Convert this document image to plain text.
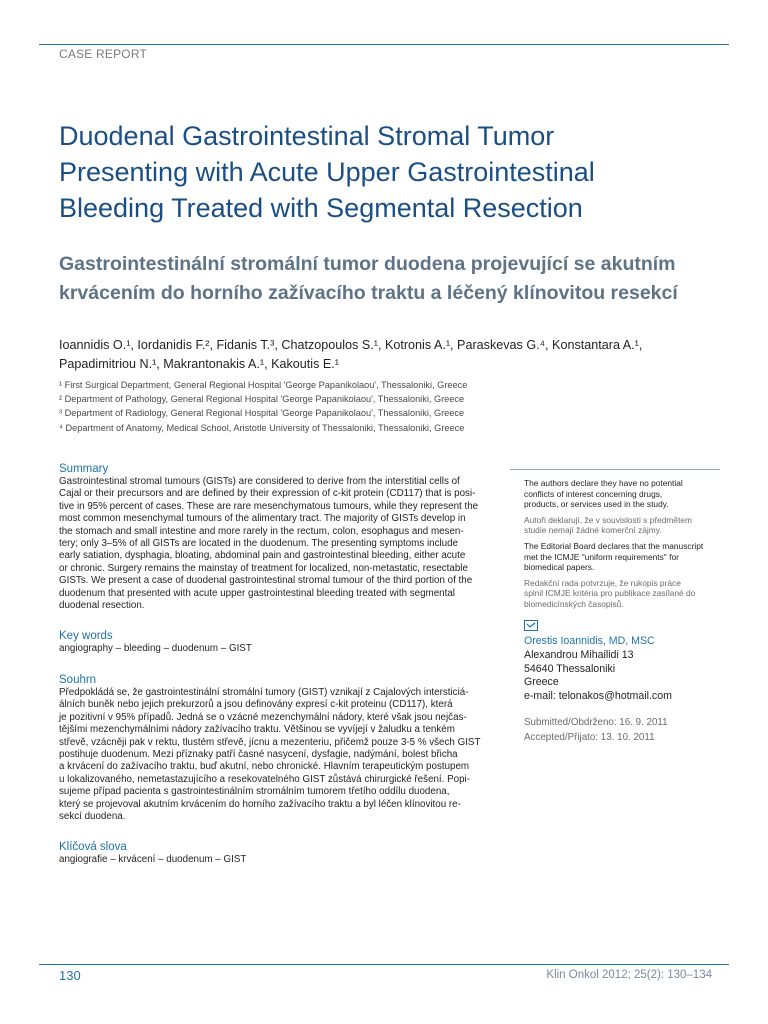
CASE REPORT
Duodenal Gastrointestinal Stromal Tumor
Presenting with Acute Upper Gastrointestinal
Bleeding Treated with Segmental Resection
Gastrointestinální stromální tumor duodena projevující se akutním
krvácením do horního zažívacího traktu a léčený klínovitou resekcí
Ioannidis O.¹, Iordanidis F.², Fidanis T.³, Chatzopoulos S.¹, Kotronis A.¹, Paraskevas G.⁴, Konstantara A.¹,
Papadimitriou N.¹, Makrantonakis A.¹, Kakoutis E.¹
¹ First Surgical Department, General Regional Hospital 'George Papanikolaou', Thessaloniki, Greece
² Department of Pathology, General Regional Hospital 'George Papanikolaou', Thessaloniki, Greece
³ Department of Radiology, General Regional Hospital 'George Papanikolaou', Thessaloniki, Greece
⁴ Department of Anatomy, Medical School, Aristotle University of Thessaloniki, Thessaloniki, Greece
Summary
Gastrointestinal stromal tumours (GISTs) are considered to derive from the interstitial cells of
Cajal or their precursors and are defined by their expression of c-kit protein (CD117) that is posi-
tive in 95% percent of cases. These are rare mesenchymatous tumours, while they represent the
most common mesenchymal tumours of the alimentary tract. The majority of GISTs develop in
the stomach and small intestine and more rarely in the rectum, colon, esophagus and mesen-
tery; only 3–5% of all GISTs are located in the duodenum. The presenting symptoms include
early satiation, dysphagia, bloating, abdominal pain and gastrointestinal bleeding, either acute
or chronic. Surgery remains the mainstay of treatment for localized, non-metastatic, resectable
GISTs. We present a case of duodenal gastrointestinal stromal tumour of the third portion of the
duodenum that presented with acute upper gastrointestinal bleeding treated with segmental
duodenal resection.
Key words
angiography – bleeding – duodenum – GIST
Souhrn
Předpokládá se, že gastrointestinální stromální tumory (GIST) vznikají z Cajalových intersticiá-
álních buněk nebo jejich prekurzorů a jsou definovány expresí c-kit proteinu (CD117), která
je pozitivní v 95% případů. Jedná se o vzácné mezenchymální nádory, které však jsou nejčas-
tějšími mezenchymálními nádory zažívacího traktu. Většinou se vyvíjejí v žaludku a tenkém
střevě, vzácněji pak v rektu, tlustém střevě, jícnu a mezenteriu, přičemž pouze 3-5 % všech GIST
postihuje duodenum. Mezi příznaky patří časné nasycení, dysfagie, nadýmání, bolest břicha
a krvácení do zažívacího traktu, buď akutní, nebo chronické. Hlavním terapeutickým postupem
u lokalizovaného, nemetastazujícího a resekovatelného GIST zůstává chirurgické řešení. Popi-
sujeme případ pacienta s gastrointestinálním stromálním tumorem třetího oddílu duodena,
který se projevoval akutním krvácením do horního zažívacího traktu a byl léčen klínovitou re-
sekcí duodena.
Klíčová slova
angiografie – krvácení – duodenum – GIST
The authors declare they have no potential
conflicts of interest concerning drugs,
products, or services used in the study.
Autoři deklarují, že v souvislosti s předmětem
studie nemají žádné komerční zájmy.
The Editorial Board declares that the manuscript
met the ICMJE "uniform requirements" for
biomedical papers.
Redakční rada potvrzuje, že rukopis práce
splnil ICMJE kritéria pro publikace zasílané do
biomedicínských časopisů.
Orestis Ioannidis, MD, MSC
Alexandrou Mihailidi 13
54640 Thessaloniki
Greece
e-mail: telonakos@hotmail.com
Submitted/Obdrženo: 16. 9. 2011
Accepted/Přijato: 13. 10. 2011
130	Klin Onkol 2012; 25(2): 130–134
